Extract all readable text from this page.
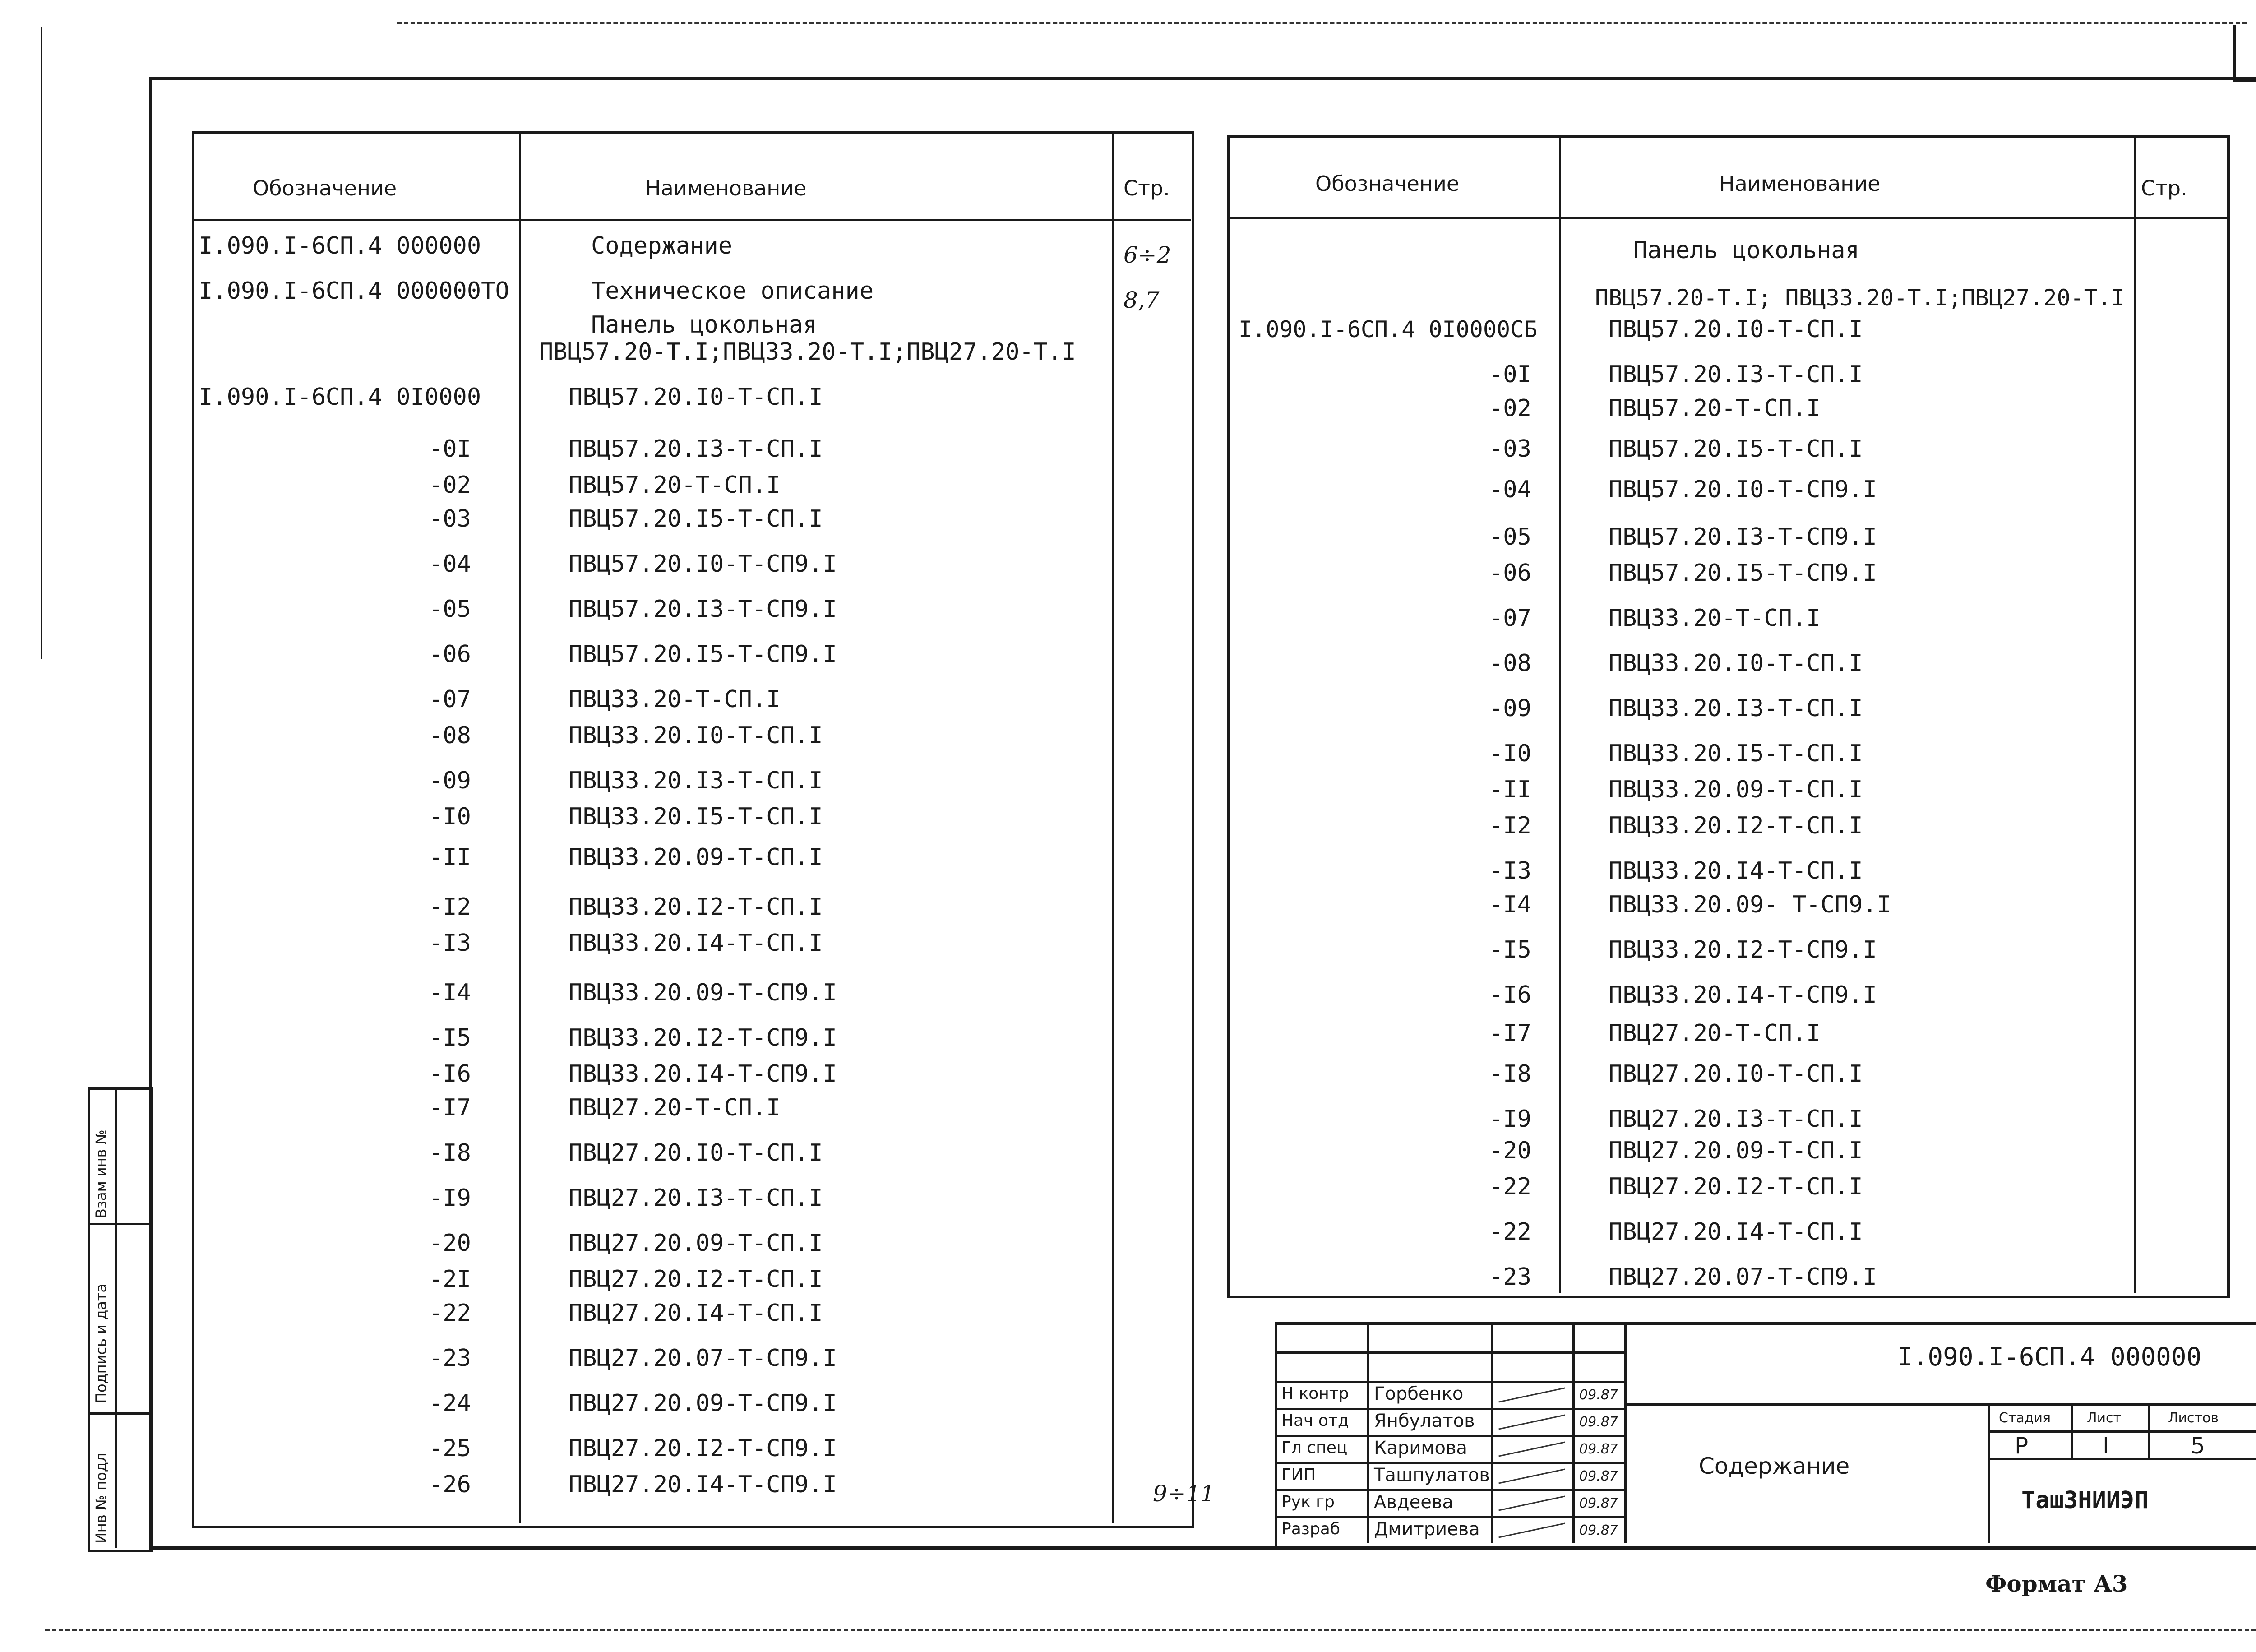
Инв № подл
Подпись и дата
Взам инв №
Обозначение	Наименование	Стр.
I.090.I-6СП.4 000000	Содержание	6÷2
I.090.I-6СП.4 000000ТО	Техническое описание	8,7
Панель цокольная
ПВЦ57.20-Т.I;ПВЦ33.20-Т.I;ПВЦ27.20-Т.I
I.090.I-6СП.4 0I0000	ПВЦ57.20.I0-Т-СП.I
-0I	ПВЦ57.20.I3-Т-СП.I
-02	ПВЦ57.20-Т-СП.I
-03	ПВЦ57.20.I5-Т-СП.I
-04	ПВЦ57.20.I0-Т-СП9.I
-05	ПВЦ57.20.I3-Т-СП9.I
-06	ПВЦ57.20.I5-Т-СП9.I
-07	ПВЦ33.20-Т-СП.I
-08	ПВЦ33.20.I0-Т-СП.I
-09	ПВЦ33.20.I3-Т-СП.I
-I0	ПВЦ33.20.I5-Т-СП.I
-II	ПВЦ33.20.09-Т-СП.I
-I2	ПВЦ33.20.I2-Т-СП.I
-I3	ПВЦ33.20.I4-Т-СП.I
-I4	ПВЦ33.20.09-Т-СП9.I
-I5	ПВЦ33.20.I2-Т-СП9.I
-I6	ПВЦ33.20.I4-Т-СП9.I
-I7	ПВЦ27.20-Т-СП.I
-I8	ПВЦ27.20.I0-Т-СП.I
-I9	ПВЦ27.20.I3-Т-СП.I
-20	ПВЦ27.20.09-Т-СП.I
-2I	ПВЦ27.20.I2-Т-СП.I
-22	ПВЦ27.20.I4-Т-СП.I
-23	ПВЦ27.20.07-Т-СП9.I
-24	ПВЦ27.20.09-Т-СП9.I
-25	ПВЦ27.20.I2-Т-СП9.I
-26	ПВЦ27.20.I4-Т-СП9.I	9÷11
Обозначение	Наименование	Стр.
Панель цокольная
ПВЦ57.20-Т.I; ПВЦ33.20-Т.I;ПВЦ27.20-Т.I
I.090.I-6СП.4 0I0000СБ	ПВЦ57.20.I0-Т-СП.I
-0I	ПВЦ57.20.I3-Т-СП.I
-02	ПВЦ57.20-Т-СП.I
-03	ПВЦ57.20.I5-Т-СП.I
-04	ПВЦ57.20.I0-Т-СП9.I
-05	ПВЦ57.20.I3-Т-СП9.I
-06	ПВЦ57.20.I5-Т-СП9.I
-07	ПВЦ33.20-Т-СП.I
-08	ПВЦ33.20.I0-Т-СП.I
-09	ПВЦ33.20.I3-Т-СП.I
-I0	ПВЦ33.20.I5-Т-СП.I
-II	ПВЦ33.20.09-Т-СП.I
-I2	ПВЦ33.20.I2-Т-СП.I
-I3	ПВЦ33.20.I4-Т-СП.I
-I4	ПВЦ33.20.09- Т-СП9.I
-I5	ПВЦ33.20.I2-Т-СП9.I
-I6	ПВЦ33.20.I4-Т-СП9.I
-I7	ПВЦ27.20-Т-СП.I
-I8	ПВЦ27.20.I0-Т-СП.I
-I9	ПВЦ27.20.I3-Т-СП.I
-20	ПВЦ27.20.09-Т-СП.I
-22	ПВЦ27.20.I2-Т-СП.I
-22	ПВЦ27.20.I4-Т-СП.I
-23	ПВЦ27.20.07-Т-СП9.I
Н контр Горбенко	09.87
Нач отд Янбулатов	09.87
Гл спец Каримова	09.87
ГИП	Ташпулатов	09.87
Рук гр Авдеева	09.87
Разраб Дмитриева	09.87
I.090.I-6СП.4 000000
Содержание
Стадия	Лист	Листов
Р	I	5
ТашЗНИИЭП
Формат А3
